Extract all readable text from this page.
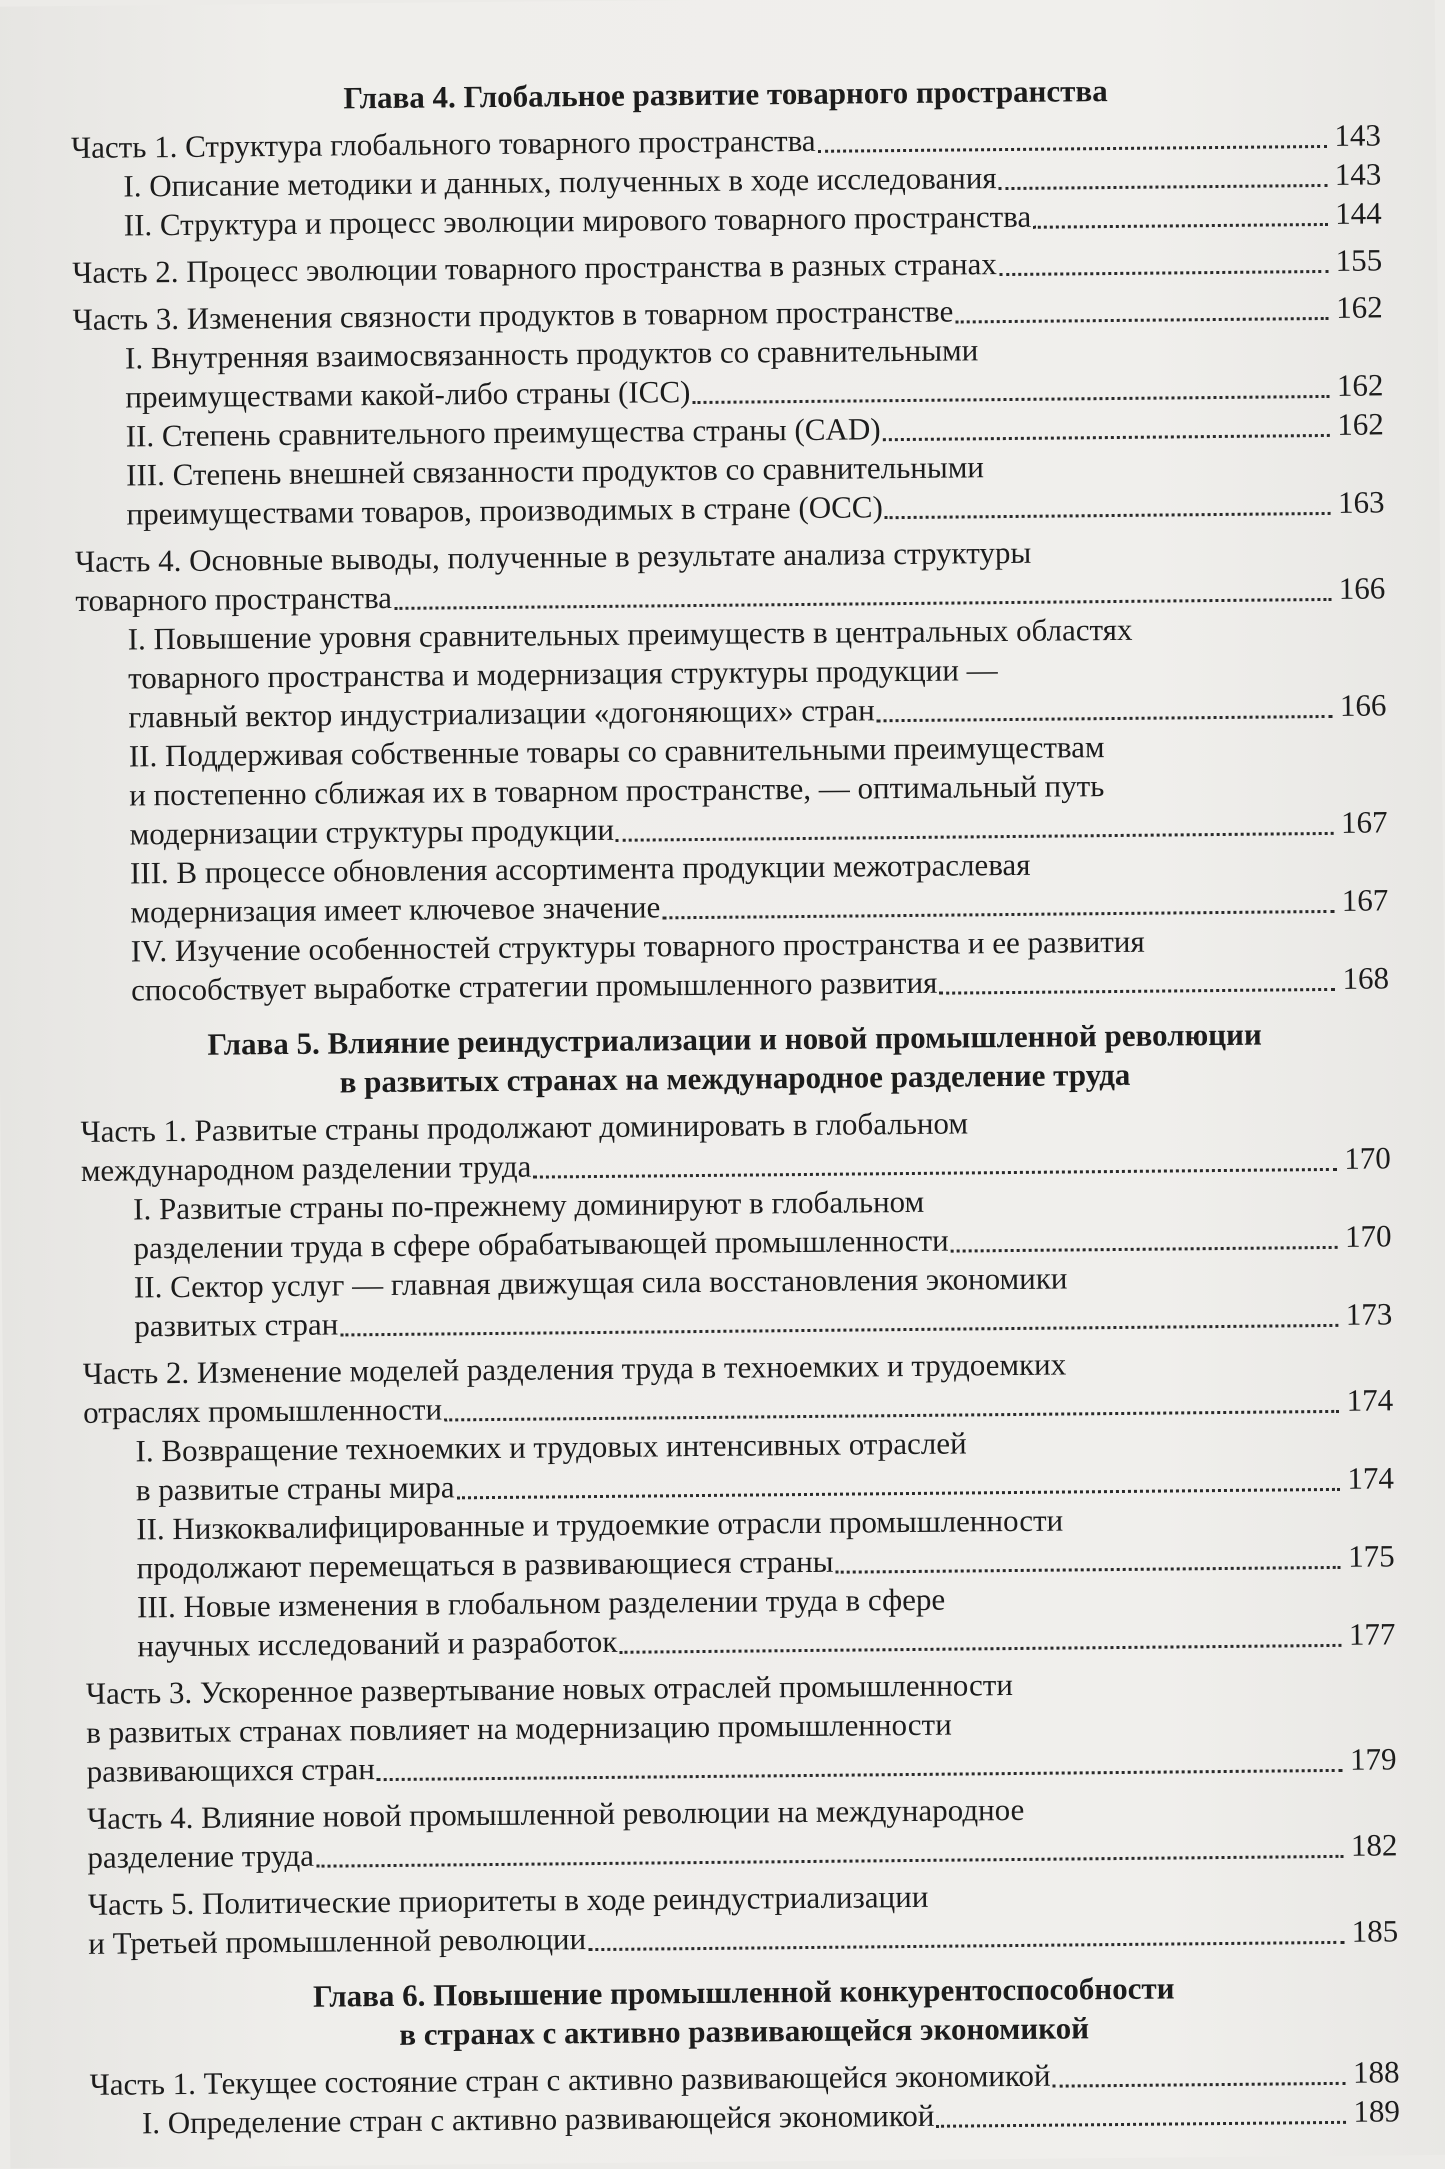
Глава 4. Глобальное развитие товарного пространства
Часть 1. Структура глобального товарного пространства	143
I. Описание методики и данных, полученных в ходе исследования	143
II. Структура и процесс эволюции мирового товарного пространства	144
Часть 2. Процесс эволюции товарного пространства в разных странах	155
Часть 3. Изменения связности продуктов в товарном пространстве	162
I. Внутренняя взаимосвязанность продуктов со сравнительными
преимуществами какой-либо страны (ICC)	162
II. Степень сравнительного преимущества страны (CAD)	162
III. Степень внешней связанности продуктов со сравнительными
преимуществами товаров, производимых в стране (OCC)	163
Часть 4. Основные выводы, полученные в результате анализа структуры
товарного пространства	166
I. Повышение уровня сравнительных преимуществ в центральных областях
товарного пространства и модернизация структуры продукции —
главный вектор индустриализации «догоняющих» стран	166
II. Поддерживая собственные товары со сравнительными преимуществам
и постепенно сближая их в товарном пространстве, — оптимальный путь
модернизации структуры продукции	167
III. В процессе обновления ассортимента продукции межотраслевая
модернизация имеет ключевое значение	167
IV. Изучение особенностей структуры товарного пространства и ее развития
способствует выработке стратегии промышленного развития	168
Глава 5. Влияние реиндустриализации и новой промышленной революции
в развитых странах на международное разделение труда
Часть 1. Развитые страны продолжают доминировать в глобальном
международном разделении труда	170
I. Развитые страны по-прежнему доминируют в глобальном
разделении труда в сфере обрабатывающей промышленности	170
II. Сектор услуг — главная движущая сила восстановления экономики
развитых стран	173
Часть 2. Изменение моделей разделения труда в техноемких и трудоемких
отраслях промышленности	174
I. Возвращение техноемких и трудовых интенсивных отраслей
в развитые страны мира	174
II. Низкоквалифицированные и трудоемкие отрасли промышленности
продолжают перемещаться в развивающиеся страны	175
III. Новые изменения в глобальном разделении труда в сфере
научных исследований и разработок	177
Часть 3. Ускоренное развертывание новых отраслей промышленности
в развитых странах повлияет на модернизацию промышленности
развивающихся стран	179
Часть 4. Влияние новой промышленной революции на международное
разделение труда	182
Часть 5. Политические приоритеты в ходе реиндустриализации
и Третьей промышленной революции	185
Глава 6. Повышение промышленной конкурентоспособности
в странах с активно развивающейся экономикой
Часть 1. Текущее состояние стран с активно развивающейся экономикой	188
I. Определение стран с активно развивающейся экономикой	189
